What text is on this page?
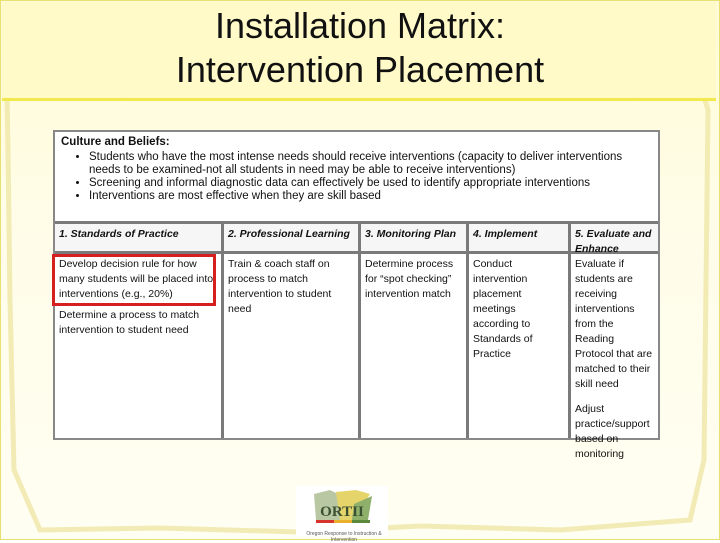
Installation Matrix:
Intervention Placement
Culture and Beliefs:
• Students who have the most intense needs should receive interventions (capacity to deliver interventions needs to be examined-not all students in need may be able to receive interventions)
• Screening and informal diagnostic data can effectively be used to identify appropriate interventions
• Interventions are most effective when they are skill based
1. Standards of Practice

Develop decision rule for how many students will be placed into interventions (e.g., 20%)

Determine a process to match intervention to student need

2. Professional Learning

Train & coach staff on process to match intervention to student need

3. Monitoring Plan

Determine process for “spot checking” intervention match

4. Implement

Conduct intervention placement meetings according to Standards of Practice

5. Evaluate and Enhance

Evaluate if students are receiving interventions from the Reading Protocol that are matched to their skill need

Adjust practice/support based on monitoring

ORTII
Oregon Response to Instruction & Intervention
